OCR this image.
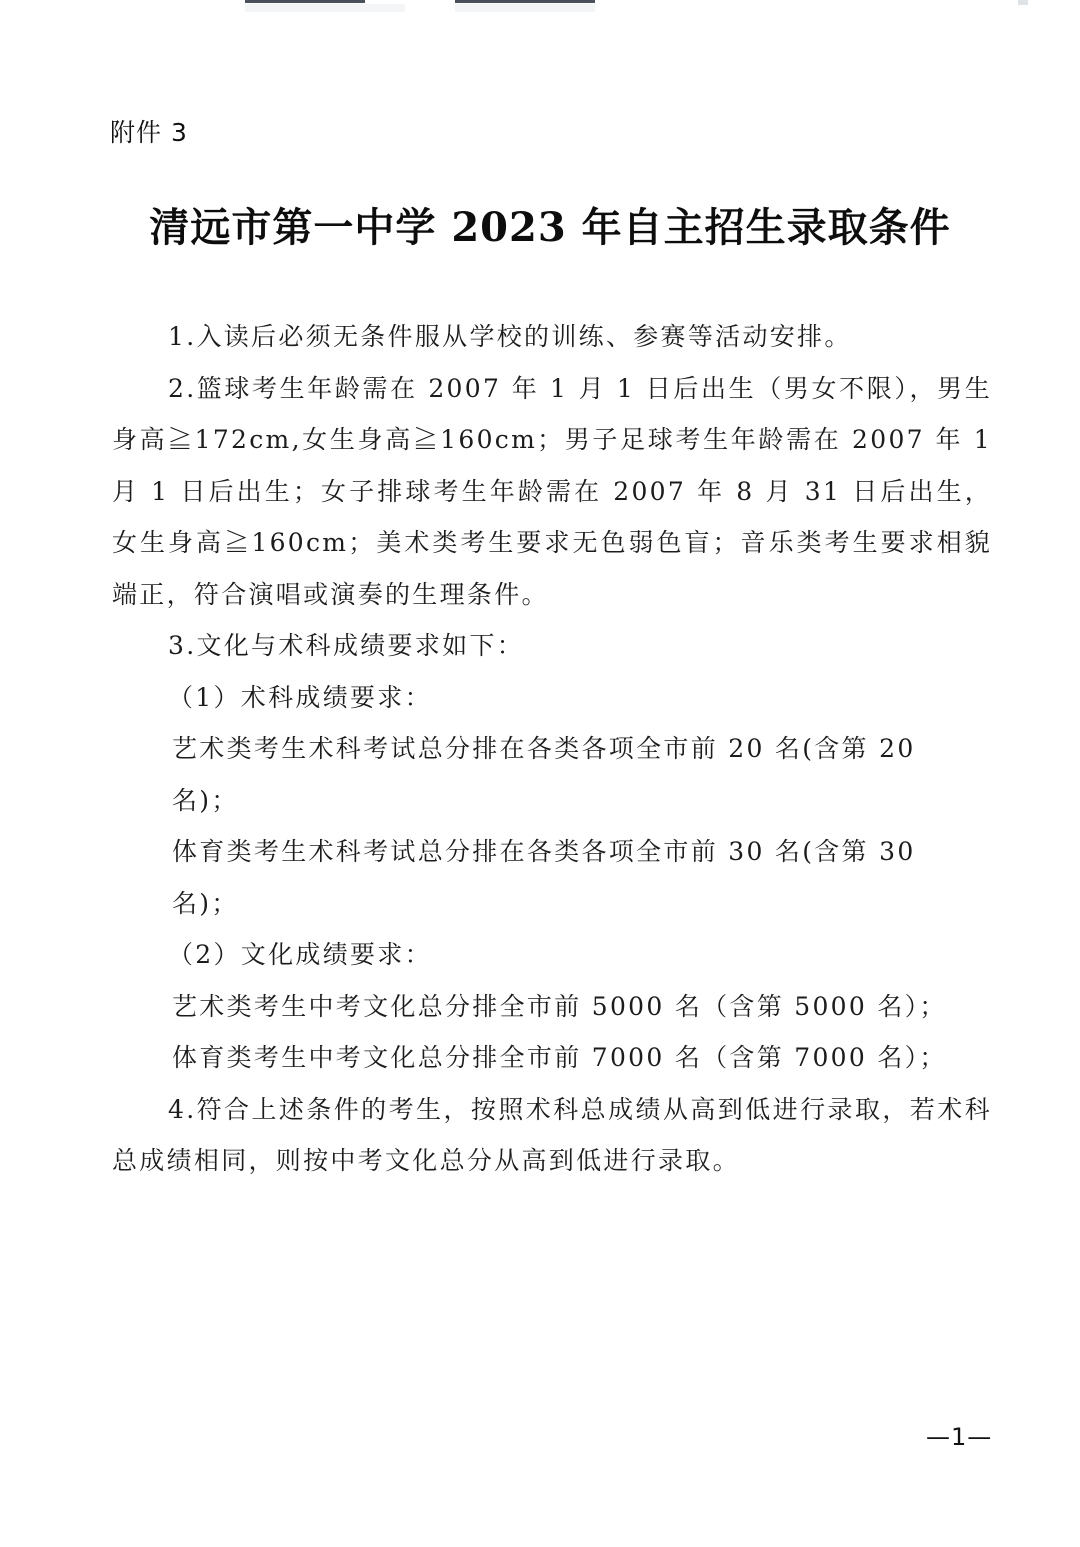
附件 3
清远市第一中学 2023 年自主招生录取条件

1.入读后必须无条件服从学校的训练、参赛等活动安排。

2.篮球考生年龄需在 2007 年 1 月 1 日后出生（男女不限），男生身高≧172cm,女生身高≧160cm；男子足球考生年龄需在 2007 年 1 月 1 日后出生；女子排球考生年龄需在 2007 年 8 月 31 日后出生，女生身高≧160cm；美术类考生要求无色弱色盲；音乐类考生要求相貌端正，符合演唱或演奏的生理条件。

3.文化与术科成绩要求如下：

（1）术科成绩要求：

艺术类考生术科考试总分排在各类各项全市前 20 名(含第 20 名)；

体育类考生术科考试总分排在各类各项全市前 30 名(含第 30 名)；

（2）文化成绩要求：

艺术类考生中考文化总分排全市前 5000 名（含第 5000 名）；

体育类考生中考文化总分排全市前 7000 名（含第 7000 名）；

4.符合上述条件的考生，按照术科总成绩从高到低进行录取，若术科总成绩相同，则按中考文化总分从高到低进行录取。

—1—
